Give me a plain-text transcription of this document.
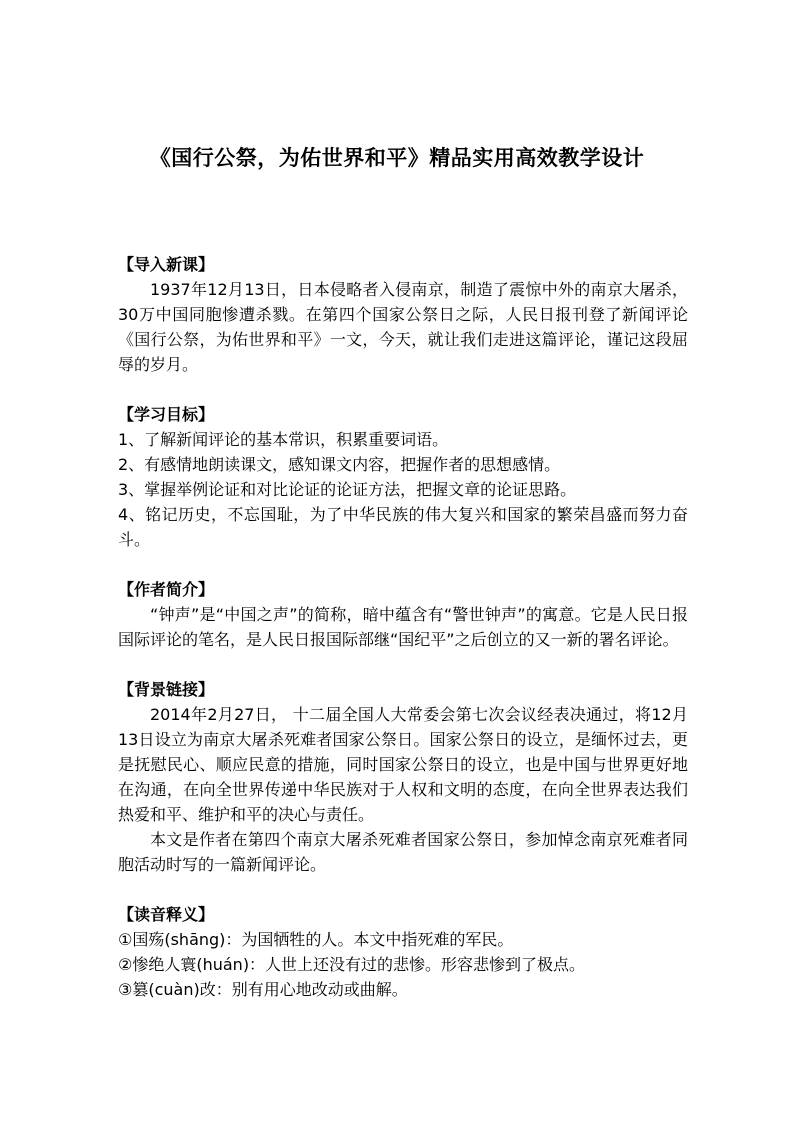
《国行公祭，为佑世界和平》精品实用高效教学设计
【导入新课】

1937年12月13日，日本侵略者入侵南京，制造了震惊中外的南京大屠杀，30万中国同胞惨遭杀戮。在第四个国家公祭日之际，人民日报刊登了新闻评论《国行公祭，为佑世界和平》一文，今天，就让我们走进这篇评论，谨记这段屈辱的岁月。

【学习目标】

1、了解新闻评论的基本常识，积累重要词语。

2、有感情地朗读课文，感知课文内容，把握作者的思想感情。

3、掌握举例论证和对比论证的论证方法，把握文章的论证思路。

4、铭记历史，不忘国耻，为了中华民族的伟大复兴和国家的繁荣昌盛而努力奋斗。

【作者简介】

“钟声”是“中国之声”的简称，暗中蕴含有“警世钟声”的寓意。它是人民日报国际评论的笔名，是人民日报国际部继“国纪平”之后创立的又一新的署名评论。

【背景链接】

2014年2月27日， 十二届全国人大常委会第七次会议经表决通过，将12月13日设立为南京大屠杀死难者国家公祭日。国家公祭日的设立，是缅怀过去，更是抚慰民心、顺应民意的措施，同时国家公祭日的设立，也是中国与世界更好地在沟通，在向全世界传递中华民族对于人权和文明的态度，在向全世界表达我们热爱和平、维护和平的决心与责任。

本文是作者在第四个南京大屠杀死难者国家公祭日，参加悼念南京死难者同胞活动时写的一篇新闻评论。

【读音释义】

①国殇(shāng)：为国牺牲的人。本文中指死难的军民。

②惨绝人寰(huán)：人世上还没有过的悲惨。形容悲惨到了极点。

③篡(cuàn)改：别有用心地改动或曲解。
